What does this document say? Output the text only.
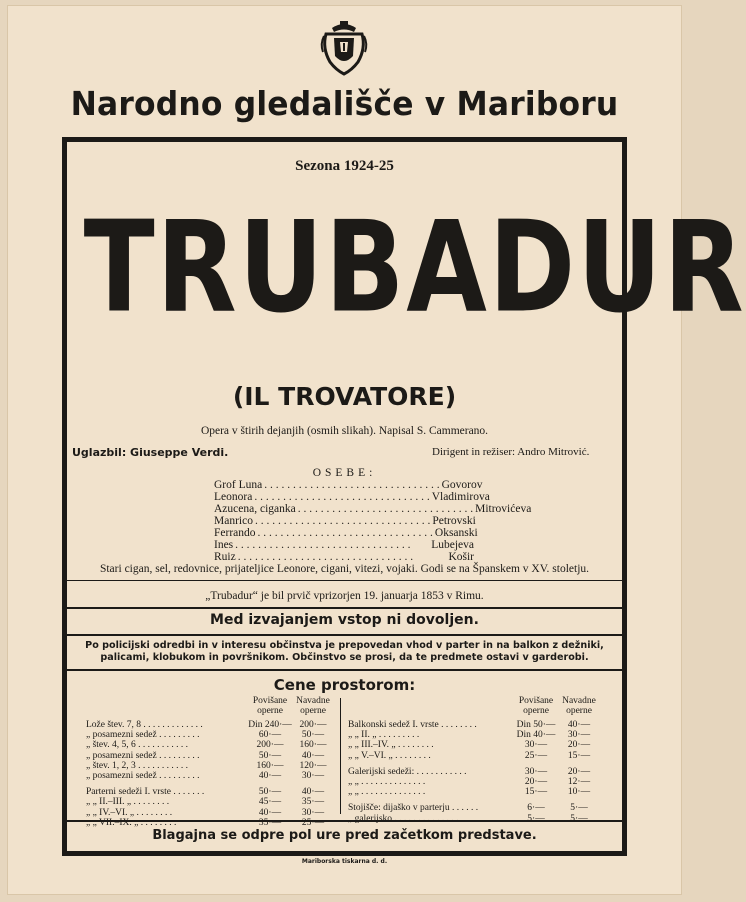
Narodno gledališče v Mariboru
Sezona 1924-25
TRUBADUR
(IL TROVATORE)
Opera v štirih dejanjih (osmih slikah). Napisal S. Cammerano.
Uglazbil: Giuseppe Verdi.	Dirigent in režiser: Andro Mitrović.
OSEBE:
Grof Luna . . . . . . . . . . . . . . . . . . . . . . . . . . . . . . . Govorov
Leonora . . . . . . . . . . . . . . . . . . . . . . . . . . . . . . . Vladimirova
Azucena, ciganka . . . . . . . . . . . . . . . . . . . . . . . . . . . . . . . Mitrovićeva
Manrico . . . . . . . . . . . . . . . . . . . . . . . . . . . . . . . Petrovski
Ferrando . . . . . . . . . . . . . . . . . . . . . . . . . . . . . . . Oksanski
Ines . . . . . . . . . . . . . . . . . . . . . . . . . . . . . . .	Lubejeva
Ruiz . . . . . . . . . . . . . . . . . . . . . . . . . . . . . . .	Košir
Stari cigan, sel, redovnice, prijateljice Leonore, cigani, vitezi, vojaki. Godi se na Španskem v XV. stoletju.
„Trubadur“ je bil prvič vprizorjen 19. januarja 1853 v Rimu.
Med izvajanjem vstop ni dovoljen.
Po policijski odredbi in v interesu občinstva je prepovedan vhod v parter in na balkon z dežniki, palicami, klobukom in površnikom. Občinstvo se prosi, da te predmete ostavi v garderobi.
Cene prostorom:
Povišane operne
Navadne operne
Lože štev. 7, 8 . . . . . . . . . . . . .	Din 240·— 200·—
„ posamezni sedež . . . . . . . . .	60·—	50·—
„ štev. 4, 5, 6 . . . . . . . . . . .	200·—	160·—
„ posamezni sedež . . . . . . . . .	50·—	40·—
„ štev. 1, 2, 3 . . . . . . . . . . .	160·—	120·—
„ posamezni sedež . . . . . . . . .	40·—	30·—
Parterni sedeži I. vrste . . . . . . .	50·—	40·—
„ „ II.–III. „ . . . . . . . .	45·—	35·—
„ „ IV.–VI. „ . . . . . . . .	40·—	30·—
„ „ VII.–IX. „ . . . . . . . .	35·—	25·—
Povišane operne
Navadne operne
Balkonski sedež I. vrste . . . . . . . .	Din 50·—	40·—
„ „ II. „ . . . . . . . . .	Din 40·—	30·—
„ „ III.–IV. „ . . . . . . . .	30·—	20·—
„ „ V.–VI. „ . . . . . . . .	25·—	15·—
Galerijski sedeži: . . . . . . . . . . .	30·—	20·—
„ „ . . . . . . . . . . . . . .	20·—	12·—
„ „ . . . . . . . . . . . . . .	15·—	10·—
Stojišče: dijaško v parterju . . . . . .	6·—	5·—
„ galerijsko . . . . . . . . . . . . . .	5·—	5·—
Blagajna se odpre pol ure pred začetkom predstave.
Mariborska tiskarna d. d.
